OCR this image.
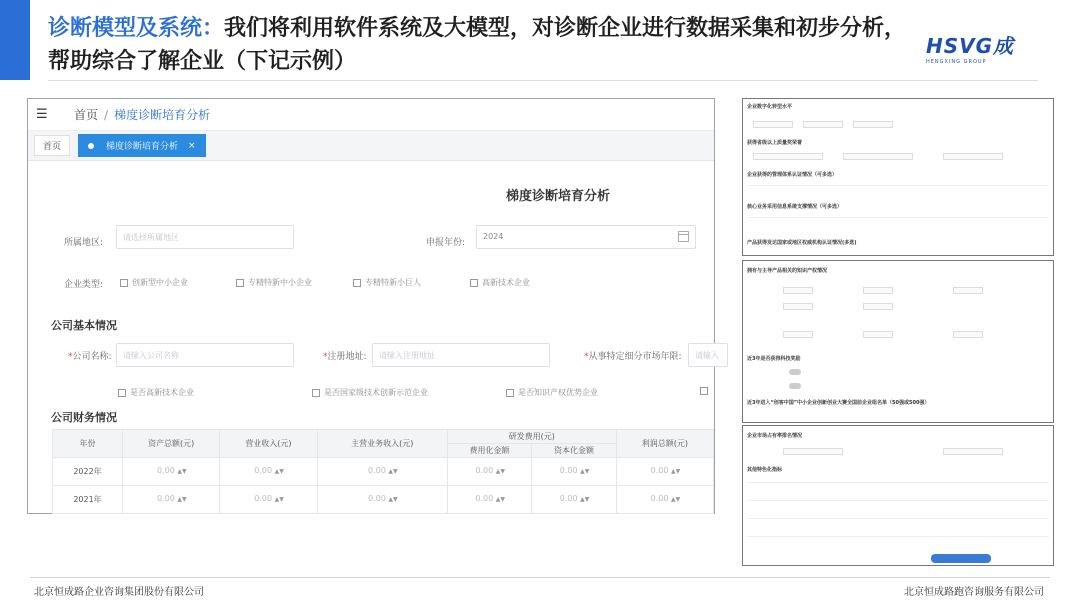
诊断模型及系统：我们将利用软件系统及大模型，对诊断企业进行数据采集和初步分析，帮助综合了解企业（下记示例）
HSVG成
HENGXING GROUP
☰	首页 / 梯度诊断培育分析
首页	梯度诊断培育分析 ×
梯度诊断培育分析
所属地区:
请选择所属地区
申报年份:
2024
企业类型:	创新型中小企业	专精特新中小企业	专精特新小巨人	高新技术企业
公司基本情况
*公司名称:	请输入公司名称	*注册地址:	请输入注册地址	*从事特定细分市场年限:	请输入
是否高新技术企业	是否国家级技术创新示范企业	是否知识产权优势企业
公司财务情况
年份	资产总额(元)	营业收入(元)	主营业务收入(元)	研发费用(元)		利润总额(元)
				费用化金额	资本化金额	
2022年	0.00 ▲▼	0.00 ▲▼	0.00 ▲▼	0.00 ▲▼	0.00 ▲▼	0.00 ▲▼
2021年	0.00 ▲▼	0.00 ▲▼	0.00 ▲▼	0.00 ▲▼	0.00 ▲▼	0.00 ▲▼
企业数字化转型水平
获得省级以上质量奖荣誉
企业获得的管理体系认证情况（可多选）
核心业务采用信息系统支撑情况（可多选）
产品获得发达国家或地区权威机构认证情况(多选)
拥有与主导产品相关的知识产权情况
近3年是否获得科技奖励
近3年进入“创客中国”中小企业创新创业大赛全国前企业组名单（50强或500强）
企业市场占有率排名情况
其他特色化指标
北京恒成路企业咨询集团股份有限公司	北京恒成路跑咨询服务有限公司
